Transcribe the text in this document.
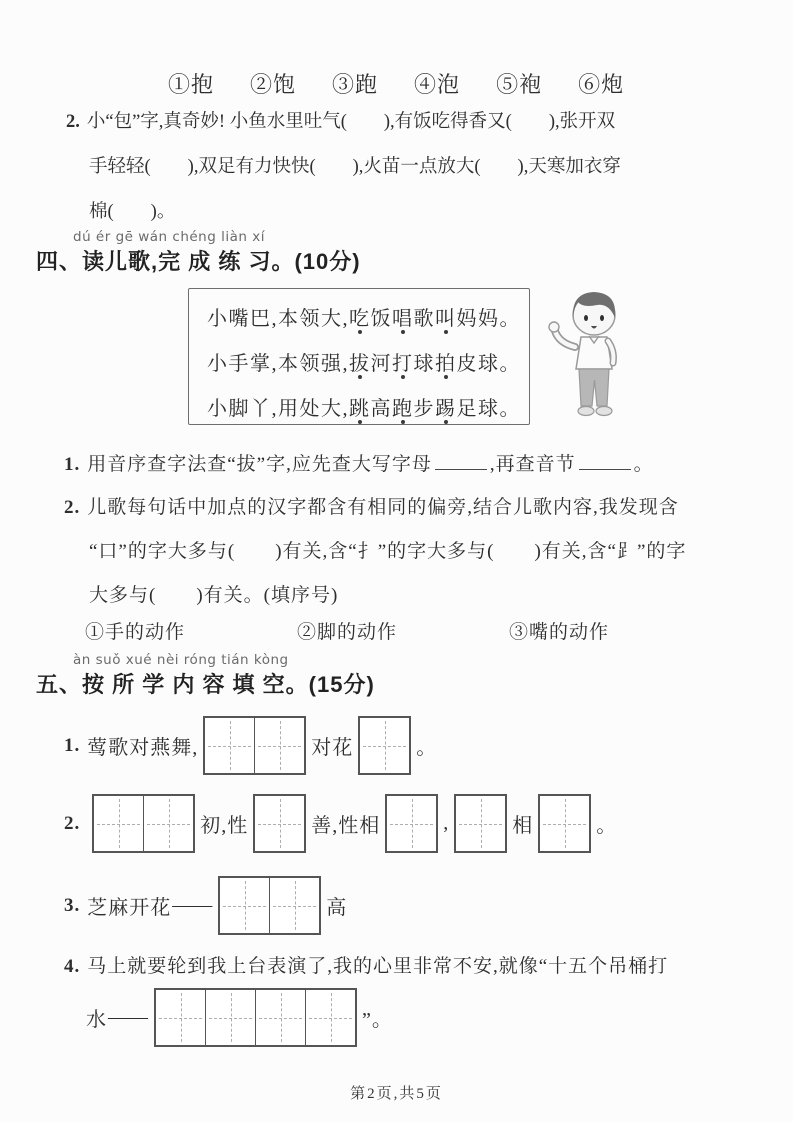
①抱 ②饱 ③跑 ④泡 ⑤袍 ⑥炮
2. 小“包”字,真奇妙! 小鱼水里吐气(　　),有饭吃得香又(　　),张开双
手轻轻(　　),双足有力快快(　　),火苗一点放大(　　),天寒加衣穿
棉(　　)。
dú ér gē wán chéng liàn xí
四、读儿歌,完 成 练 习。(10分)
小嘴巴,本领大,吃饭唱歌叫妈妈。
小手掌,本领强,拔河打球拍皮球。
小脚丫,用处大,跳高跑步踢足球。
1. 用音序查字法查“拔”字,应先查大写字母	,再查音节	。
2. 儿歌每句话中加点的汉字都含有相同的偏旁,结合儿歌内容,我发现含
“口”的字大多与(　　)有关,含“扌”的字大多与(　　)有关,含“⻊”的字
大多与(　　)有关。(填序号)
①手的动作	②脚的动作	③嘴的动作
àn suǒ xué nèi róng tián kòng
五、按 所 学 内 容 填 空。(15分)
1. 莺歌对燕舞,	对花	。
2.	初,性	善,性相	,	相	。
3. 芝麻开花 ——	高
4. 马上就要轮到我上台表演了,我的心里非常不安,就像“十五个吊桶打
水 ——	”。
第2页,共5页
